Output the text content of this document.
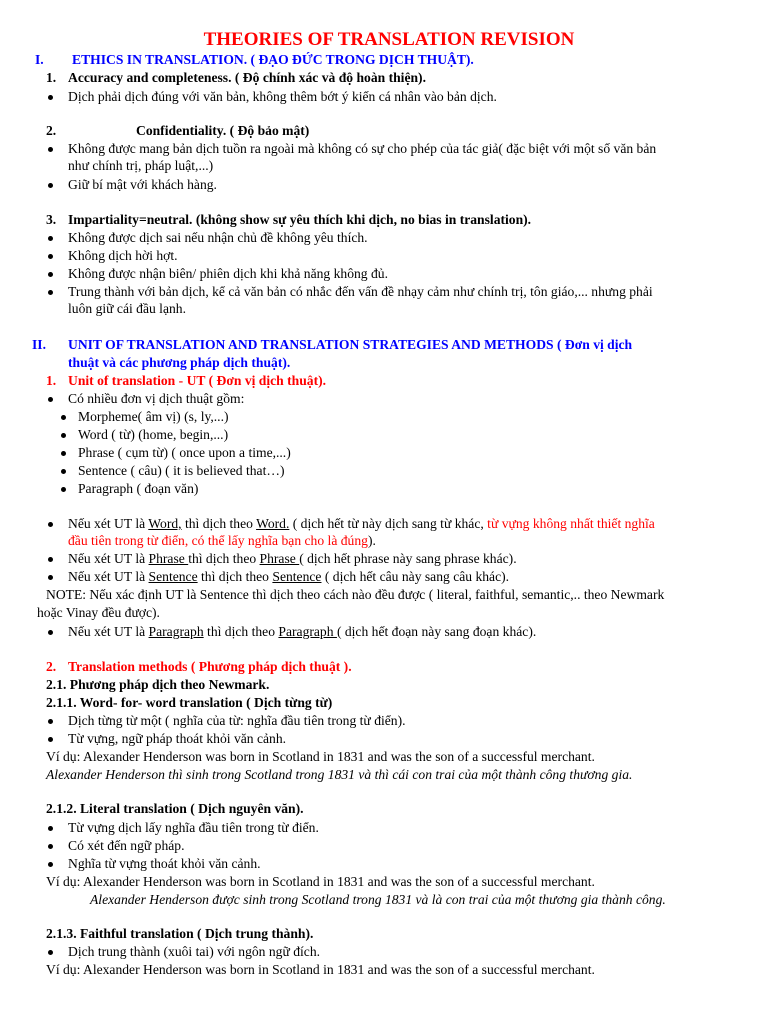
THEORIES OF TRANSLATION REVISION
I. ETHICS IN TRANSLATION. ( ĐẠO ĐỨC TRONG DỊCH THUẬT).
1. Accuracy and completeness. ( Độ chính xác và độ hoàn thiện).
Dịch phải dịch đúng với văn bản, không thêm bớt ý kiến cá nhân vào bản dịch.
2.	Confidentiality. ( Độ bảo mật)
Không được mang bản dịch tuồn ra ngoài mà không có sự cho phép của tác giả( đặc biệt với một số văn bản
như chính trị, pháp luật,...)
Giữ bí mật với khách hàng.
3. Impartiality=neutral. (không show sự yêu thích khi dịch, no bias in translation).
Không được dịch sai nếu nhận chủ đề không yêu thích.
Không dịch hời hợt.
Không được nhận biên/ phiên dịch khi khả năng không đủ.
Trung thành với bản dịch, kể cả văn bản có nhắc đến vấn đề nhạy cảm như chính trị, tôn giáo,... nhưng phải
luôn giữ cái đầu lạnh.
II. UNIT OF TRANSLATION AND TRANSLATION STRATEGIES AND METHODS ( Đơn vị dịch
thuật và các phương pháp dịch thuật).
1. Unit of translation - UT ( Đơn vị dịch thuật).
Có nhiều đơn vị dịch thuật gồm:
Morpheme( âm vị) (s, ly,...)
Word ( từ) (home, begin,...)
Phrase ( cụm từ) ( once upon a time,...)
Sentence ( câu) ( it is believed that…)
Paragraph ( đoạn văn)
Nếu xét UT là Word, thì dịch theo Word. ( dịch hết từ này dịch sang từ khác, từ vựng không nhất thiết nghĩa
đầu tiên trong từ điển, có thể lấy nghĩa bạn cho là đúng).
Nếu xét UT là Phrase thì dịch theo Phrase ( dịch hết phrase này sang phrase khác).
Nếu xét UT là Sentence thì dịch theo Sentence ( dịch hết câu này sang câu khác).
NOTE: Nếu xác định UT là Sentence thì dịch theo cách nào đều được ( literal, faithful, semantic,.. theo Newmark
hoặc Vinay đều được).
Nếu xét UT là Paragraph thì dịch theo Paragraph ( dịch hết đoạn này sang đoạn khác).
2. Translation methods ( Phương pháp dịch thuật ).
2.1. Phương pháp dịch theo Newmark.
2.1.1. Word- for- word translation ( Dịch từng từ)
Dịch từng từ một ( nghĩa của từ: nghĩa đầu tiên trong từ điển).
Từ vựng, ngữ pháp thoát khỏi văn cảnh.
Ví dụ: Alexander Henderson was born in Scotland in 1831 and was the son of a successful merchant.
Alexander Henderson thì sinh trong Scotland trong 1831 và thì cái con trai của một thành công thương gia.
2.1.2. Literal translation ( Dịch nguyên văn).
Từ vựng dịch lấy nghĩa đầu tiên trong từ điển.
Có xét đến ngữ pháp.
Nghĩa từ vựng thoát khỏi văn cảnh.
Ví dụ: Alexander Henderson was born in Scotland in 1831 and was the son of a successful merchant.
Alexander Henderson được sinh trong Scotland trong 1831 và là con trai của một thương gia thành công.
2.1.3. Faithful translation ( Dịch trung thành).
Dịch trung thành (xuôi tai) với ngôn ngữ đích.
Ví dụ: Alexander Henderson was born in Scotland in 1831 and was the son of a successful merchant.
